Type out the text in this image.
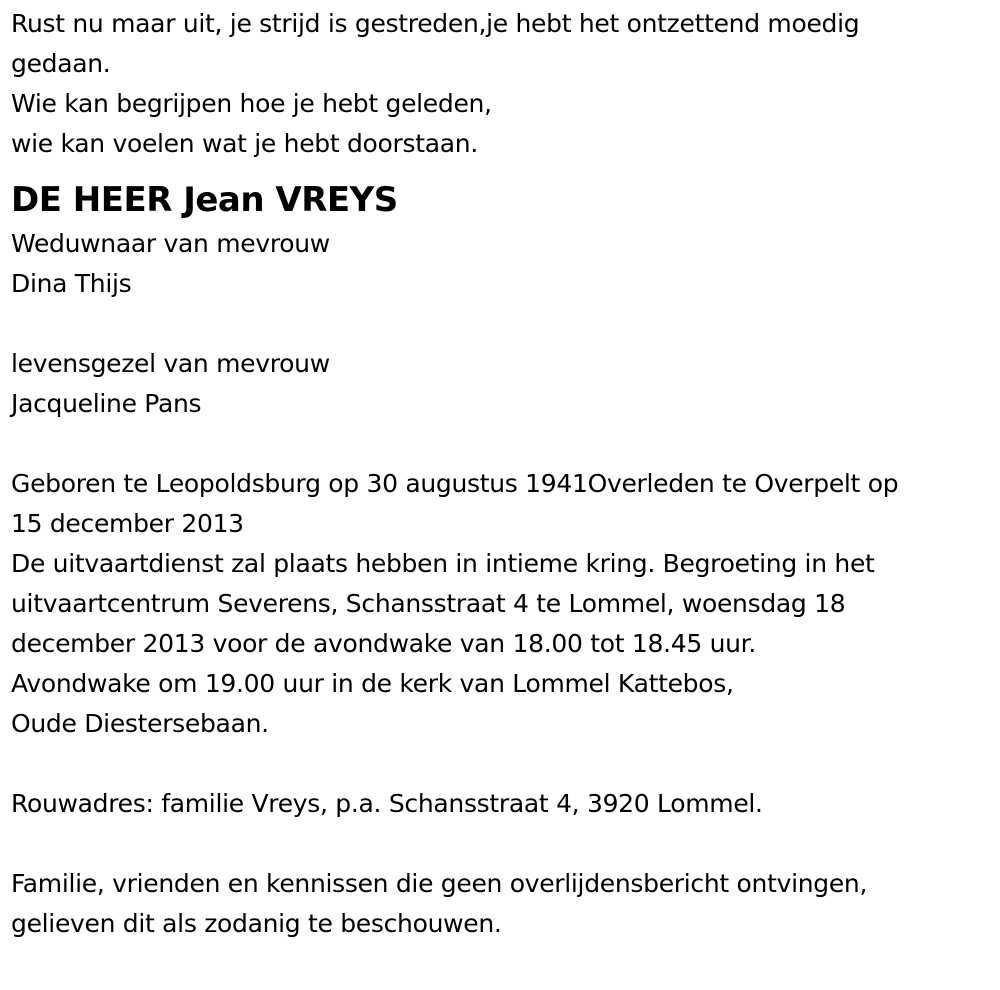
Rust nu maar uit, je strijd is gestreden,je hebt het ontzettend moedig
gedaan.
Wie kan begrijpen hoe je hebt geleden,
wie kan voelen wat je hebt doorstaan.
DE HEER Jean VREYS
Weduwnaar van mevrouw
Dina Thijs
levensgezel van mevrouw
Jacqueline Pans
Geboren te Leopoldsburg op 30 augustus 1941Overleden te Overpelt op
15 december 2013
De uitvaartdienst zal plaats hebben in intieme kring. Begroeting in het
uitvaartcentrum Severens, Schansstraat 4 te Lommel, woensdag 18
december 2013 voor de avondwake van 18.00 tot 18.45 uur.
Avondwake om 19.00 uur in de kerk van Lommel Kattebos,
Oude Diestersebaan.
Rouwadres: familie Vreys, p.a. Schansstraat 4, 3920 Lommel.
Familie, vrienden en kennissen die geen overlijdensbericht ontvingen,
gelieven dit als zodanig te beschouwen.
